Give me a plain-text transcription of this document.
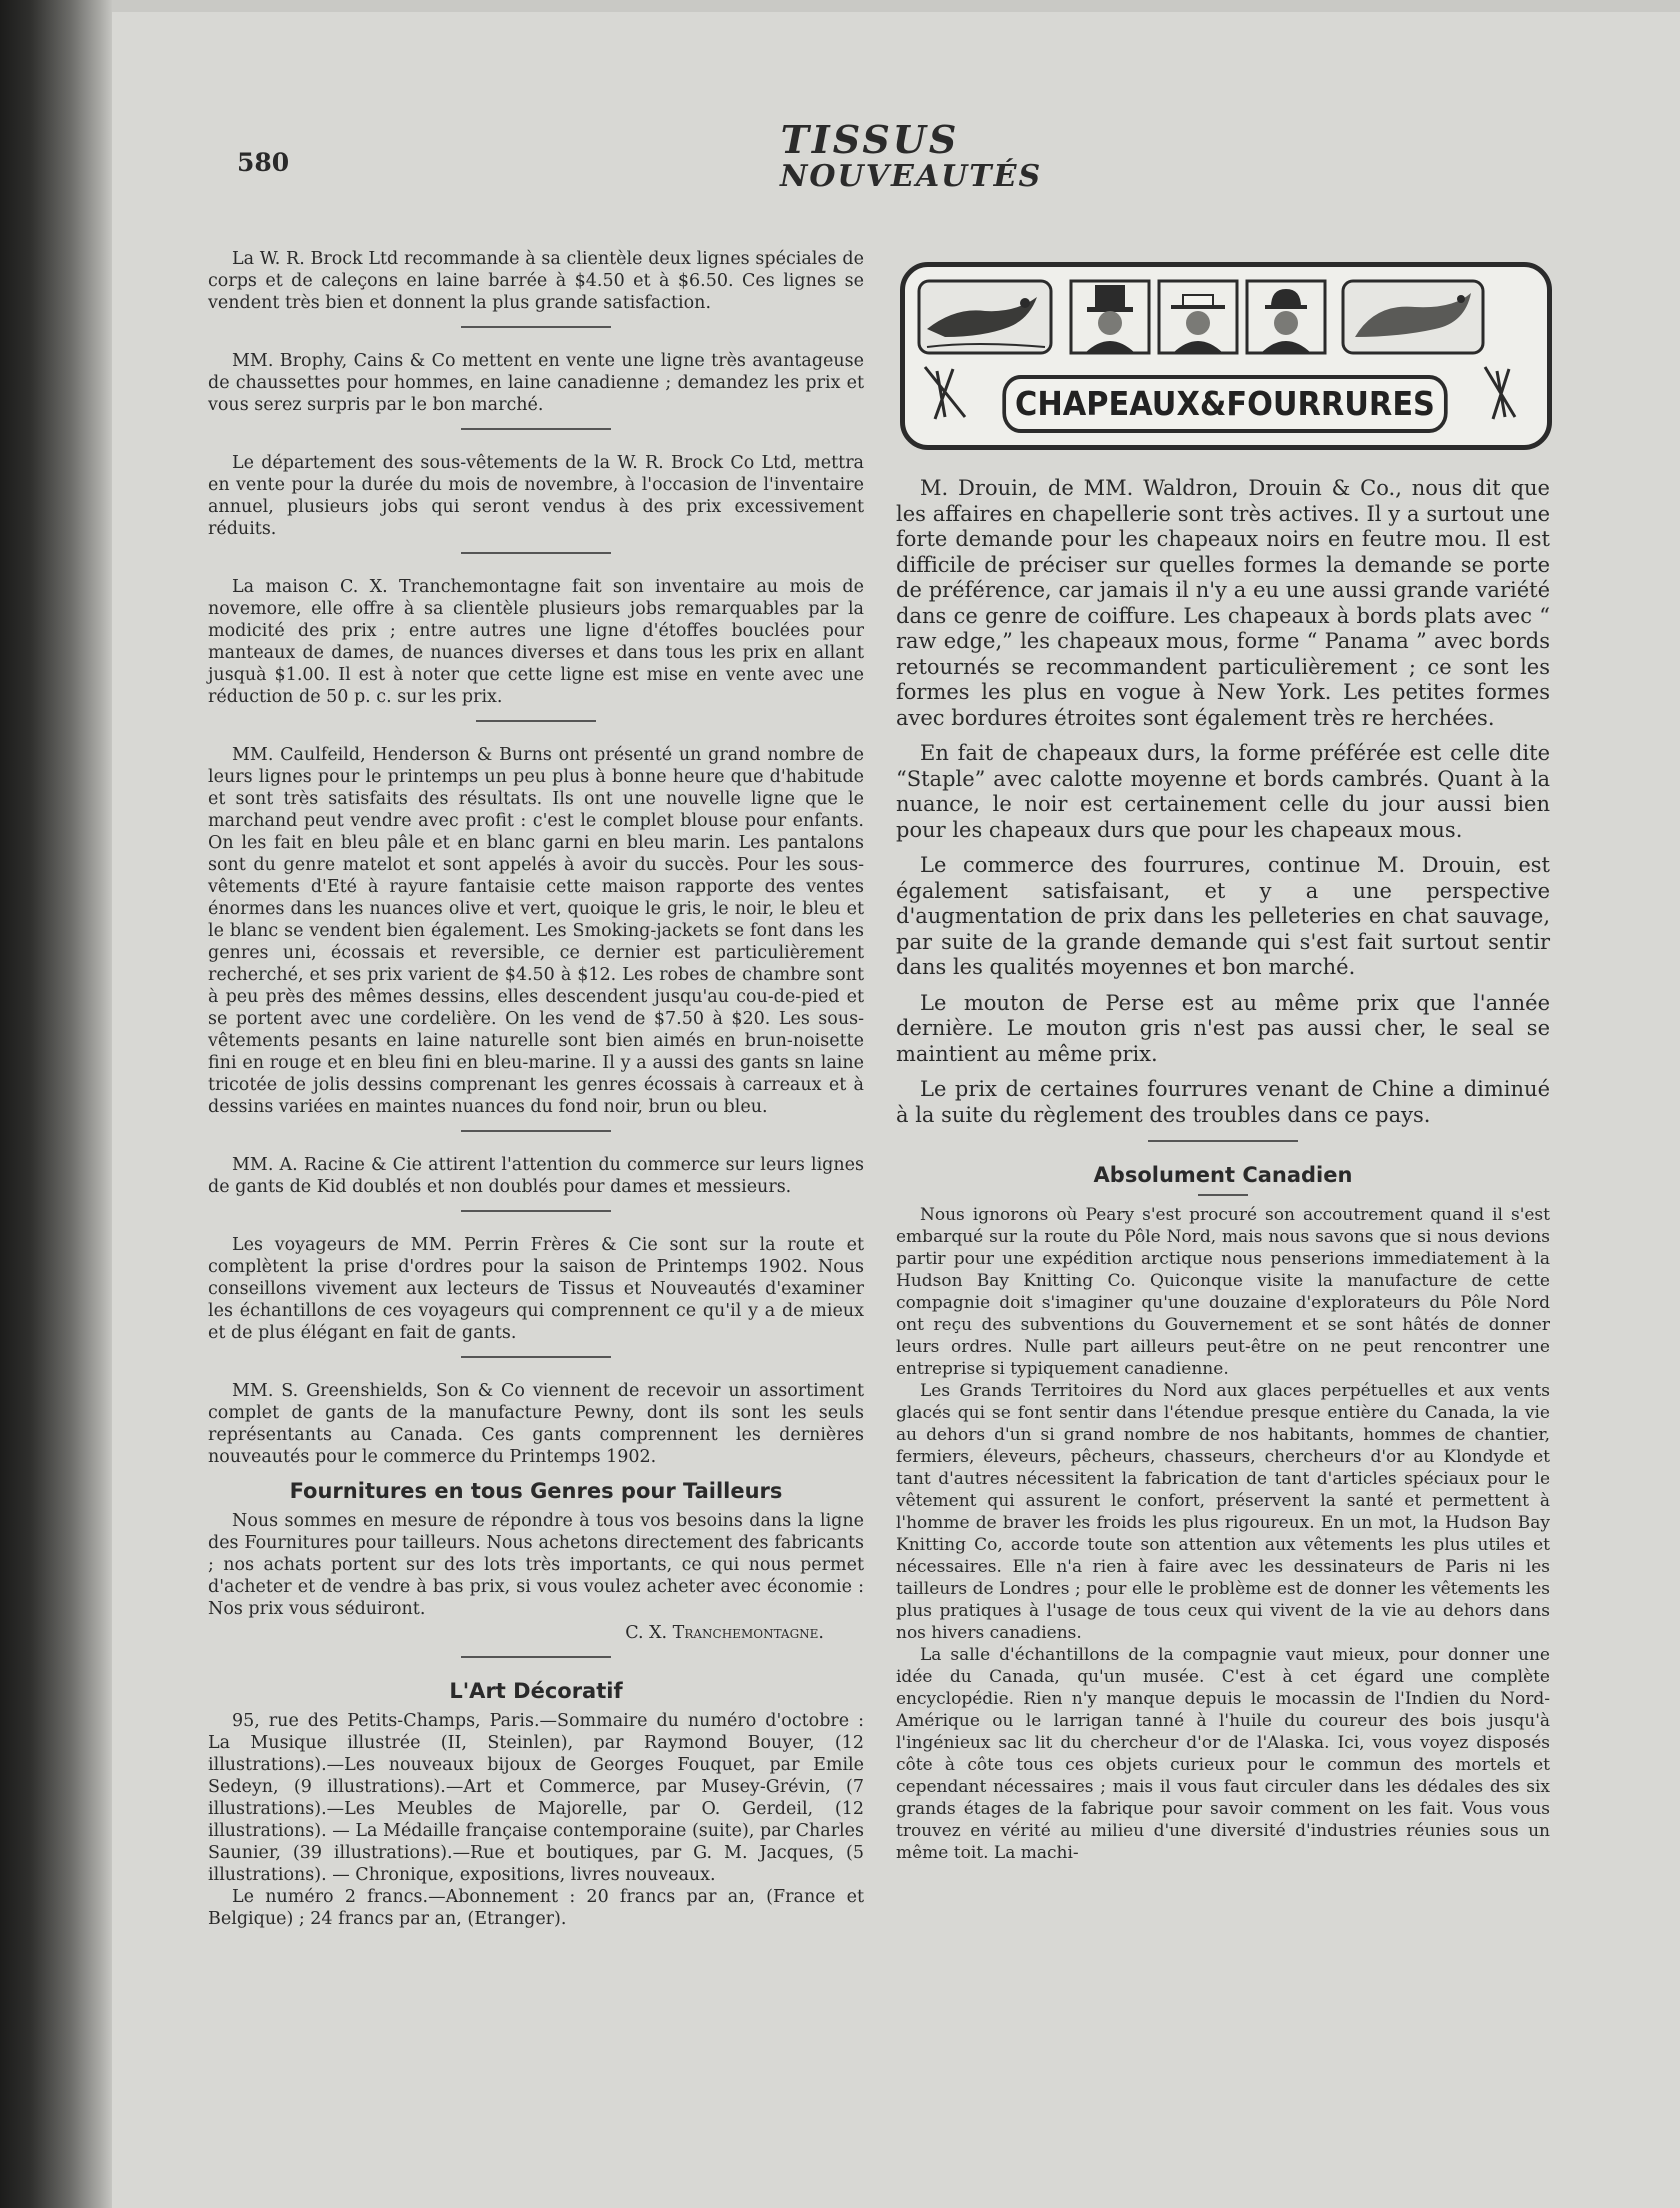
580
TISSUS
NOUVEAUTÉS

La W. R. Brock Ltd recommande à sa clientèle deux lignes spéciales de corps et de caleçons en laine barrée à $4.50 et à $6.50. Ces lignes se vendent très bien et donnent la plus grande satisfaction.

MM. Brophy, Cains & Co mettent en vente une ligne très avantageuse de chaussettes pour hommes, en laine canadienne ; demandez les prix et vous serez surpris par le bon marché.

Le département des sous-vêtements de la W. R. Brock Co Ltd, mettra en vente pour la durée du mois de novembre, à l'occasion de l'inventaire annuel, plusieurs jobs qui seront vendus à des prix excessivement réduits.

La maison C. X. Tranchemontagne fait son inventaire au mois de novemore, elle offre à sa clientèle plusieurs jobs remarquables par la modicité des prix ; entre autres une ligne d'étoffes bouclées pour manteaux de dames, de nuances diverses et dans tous les prix en allant jusquà $1.00. Il est à noter que cette ligne est mise en vente avec une réduction de 50 p. c. sur les prix.

MM. Caulfeild, Henderson & Burns ont présenté un grand nombre de leurs lignes pour le printemps un peu plus à bonne heure que d'habitude et sont très satisfaits des résultats. Ils ont une nouvelle ligne que le marchand peut vendre avec profit : c'est le complet blouse pour enfants. On les fait en bleu pâle et en blanc garni en bleu marin. Les pantalons sont du genre matelot et sont appelés à avoir du succès. Pour les sous-vêtements d'Eté à rayure fantaisie cette maison rapporte des ventes énormes dans les nuances olive et vert, quoique le gris, le noir, le bleu et le blanc se vendent bien également. Les Smoking-jackets se font dans les genres uni, écossais et reversible, ce dernier est particulièrement recherché, et ses prix varient de $4.50 à $12. Les robes de chambre sont à peu près des mêmes dessins, elles descendent jusqu'au cou-de-pied et se portent avec une cordelière. On les vend de $7.50 à $20. Les sous-vêtements pesants en laine naturelle sont bien aimés en brun-noisette fini en rouge et en bleu fini en bleu-marine. Il y a aussi des gants sn laine tricotée de jolis dessins comprenant les genres écossais à carreaux et à dessins variées en maintes nuances du fond noir, brun ou bleu.

MM. A. Racine & Cie attirent l'attention du commerce sur leurs lignes de gants de Kid doublés et non doublés pour dames et messieurs.

Les voyageurs de MM. Perrin Frères & Cie sont sur la route et complètent la prise d'ordres pour la saison de Printemps 1902. Nous conseillons vivement aux lecteurs de Tissus et Nouveautés d'examiner les échantillons de ces voyageurs qui comprennent ce qu'il y a de mieux et de plus élégant en fait de gants.

MM. S. Greenshields, Son & Co viennent de recevoir un assortiment complet de gants de la manufacture Pewny, dont ils sont les seuls représentants au Canada. Ces gants comprennent les dernières nouveautés pour le commerce du Printemps 1902.

Fournitures en tous Genres pour Tailleurs

Nous sommes en mesure de répondre à tous vos besoins dans la ligne des Fournitures pour tailleurs. Nous achetons directement des fabricants ; nos achats portent sur des lots très importants, ce qui nous permet d'acheter et de vendre à bas prix, si vous voulez acheter avec économie : Nos prix vous séduiront.

C. X. Tranchemontagne.
L'Art Décoratif

95, rue des Petits-Champs, Paris.—Sommaire du numéro d'octobre : La Musique illustrée (II, Steinlen), par Raymond Bouyer, (12 illustrations).—Les nouveaux bijoux de Georges Fouquet, par Emile Sedeyn, (9 illustrations).—Art et Commerce, par Musey-Grévin, (7 illustrations).—Les Meubles de Majorelle, par O. Gerdeil, (12 illustrations). — La Médaille française contemporaine (suite), par Charles Saunier, (39 illustrations).—Rue et boutiques, par G. M. Jacques, (5 illustrations). — Chronique, expositions, livres nouveaux.

Le numéro 2 francs.—Abonnement : 20 francs par an, (France et Belgique) ; 24 francs par an, (Etranger).

CHAPEAUX&FOURRURES

M. Drouin, de MM. Waldron, Drouin & Co., nous dit que les affaires en chapellerie sont très actives. Il y a surtout une forte demande pour les chapeaux noirs en feutre mou. Il est difficile de préciser sur quelles formes la demande se porte de préférence, car jamais il n'y a eu une aussi grande variété dans ce genre de coiffure. Les chapeaux à bords plats avec “ raw edge,” les chapeaux mous, forme “ Panama ” avec bords retournés se recommandent particulièrement ; ce sont les formes les plus en vogue à New York. Les petites formes avec bordures étroites sont également très re herchées.

En fait de chapeaux durs, la forme préférée est celle dite “Staple” avec calotte moyenne et bords cambrés. Quant à la nuance, le noir est certainement celle du jour aussi bien pour les chapeaux durs que pour les chapeaux mous.

Le commerce des fourrures, continue M. Drouin, est également satisfaisant, et y a une perspective d'augmentation de prix dans les pelleteries en chat sauvage, par suite de la grande demande qui s'est fait surtout sentir dans les qualités moyennes et bon marché.

Le mouton de Perse est au même prix que l'année dernière. Le mouton gris n'est pas aussi cher, le seal se maintient au même prix.

Le prix de certaines fourrures venant de Chine a diminué à la suite du règlement des troubles dans ce pays.

Absolument Canadien

Nous ignorons où Peary s'est procuré son accoutrement quand il s'est embarqué sur la route du Pôle Nord, mais nous savons que si nous devions partir pour une expédition arctique nous penserions immediatement à la Hudson Bay Knitting Co. Quiconque visite la manufacture de cette compagnie doit s'imaginer qu'une douzaine d'explorateurs du Pôle Nord ont reçu des subventions du Gouvernement et se sont hâtés de donner leurs ordres. Nulle part ailleurs peut-être on ne peut rencontrer une entreprise si typiquement canadienne.

Les Grands Territoires du Nord aux glaces perpétuelles et aux vents glacés qui se font sentir dans l'étendue presque entière du Canada, la vie au dehors d'un si grand nombre de nos habitants, hommes de chantier, fermiers, éleveurs, pêcheurs, chasseurs, chercheurs d'or au Klondyde et tant d'autres nécessitent la fabrication de tant d'articles spéciaux pour le vêtement qui assurent le confort, préservent la santé et permettent à l'homme de braver les froids les plus rigoureux. En un mot, la Hudson Bay Knitting Co, accorde toute son attention aux vêtements les plus utiles et nécessaires. Elle n'a rien à faire avec les dessinateurs de Paris ni les tailleurs de Londres ; pour elle le problème est de donner les vêtements les plus pratiques à l'usage de tous ceux qui vivent de la vie au dehors dans nos hivers canadiens.

La salle d'échantillons de la compagnie vaut mieux, pour donner une idée du Canada, qu'un musée. C'est à cet égard une complète encyclopédie. Rien n'y manque depuis le mocassin de l'Indien du Nord-Amérique ou le larrigan tanné à l'huile du coureur des bois jusqu'à l'ingénieux sac lit du chercheur d'or de l'Alaska. Ici, vous voyez disposés côte à côte tous ces objets curieux pour le commun des mortels et cependant nécessaires ; mais il vous faut circuler dans les dédales des six grands étages de la fabrique pour savoir comment on les fait. Vous vous trouvez en vérité au milieu d'une diversité d'industries réunies sous un même toit. La machi-
